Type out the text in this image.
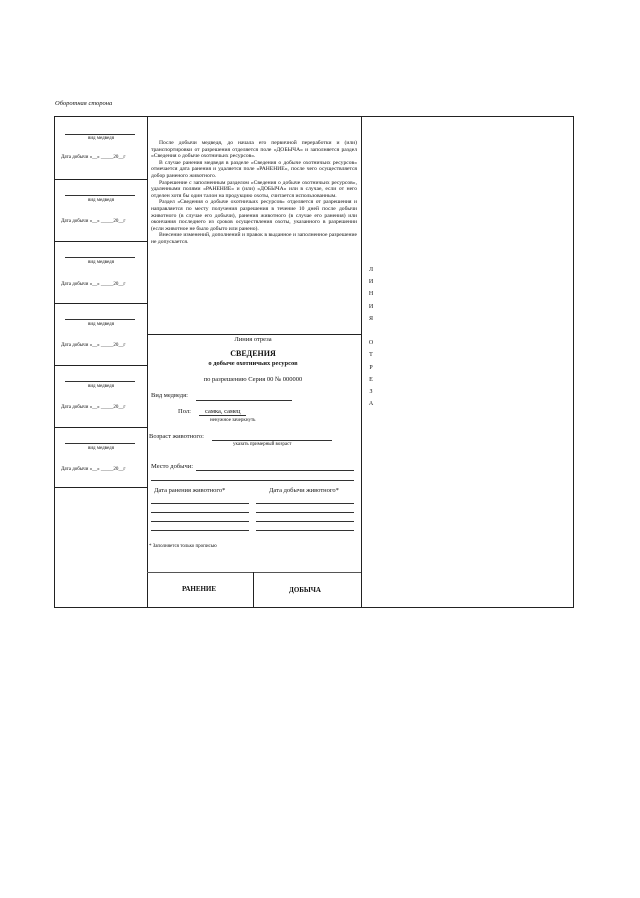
Оборотная сторона
вид медведя
Дата добычи «__» _____20__г
вид медведя
Дата добычи «__» _____20__г
вид медведя
Дата добычи «__» _____20__г
вид медведя
Дата добычи «__» _____20__г
вид медведя
Дата добычи «__» _____20__г
вид медведя
Дата добычи «__» _____20__г

После добычи медведя, до начала его первичной переработки и (или) транспортировки от разрешения отделяется поле «ДОБЫЧА» и заполняется раздел «Сведения о добыче охотничьих ресурсов».

В случае ранения медведя в разделе «Сведения о добыче охотничьих ресурсов» отмечается дата ранения и удаляется поле «РАНЕНИЕ», после чего осуществляется добор раненого животного.

Разрешение с заполненным разделом «Сведения о добыче охотничьих ресурсов», удаленными полями «РАНЕНИЕ» и (или) «ДОБЫЧА» или в случае, если от него отделен хотя бы один талон на продукцию охоты, считается использованным.

Раздел «Сведения о добыче охотничьих ресурсов» отделяется от разрешения и направляется по месту получения разрешения в течение 10 дней после добычи животного (в случае его добычи), ранения животного (в случае его ранения) или окончания последнего из сроков осуществления охоты, указанного в разрешении (если животное не было добыто или ранено).

Внесение изменений, дополнений и правок в выданное и заполненное разрешение не допускается.

Л
И
Н
И
Я

О
Т
Р
Е
З
А
Линия отреза
СВЕДЕНИЯ
о добыче охотничьих ресурсов
по разрешению Серия 00 № 000000
Вид медведя:
Пол:	самка, самец
ненужное зачеркнуть
Возраст животного:
указать примерный возраст
Место добычи:
Дата ранения животного*	Дата добычи животного*
* Заполняется только прописью
РАНЕНИЕ	ДОБЫЧА
